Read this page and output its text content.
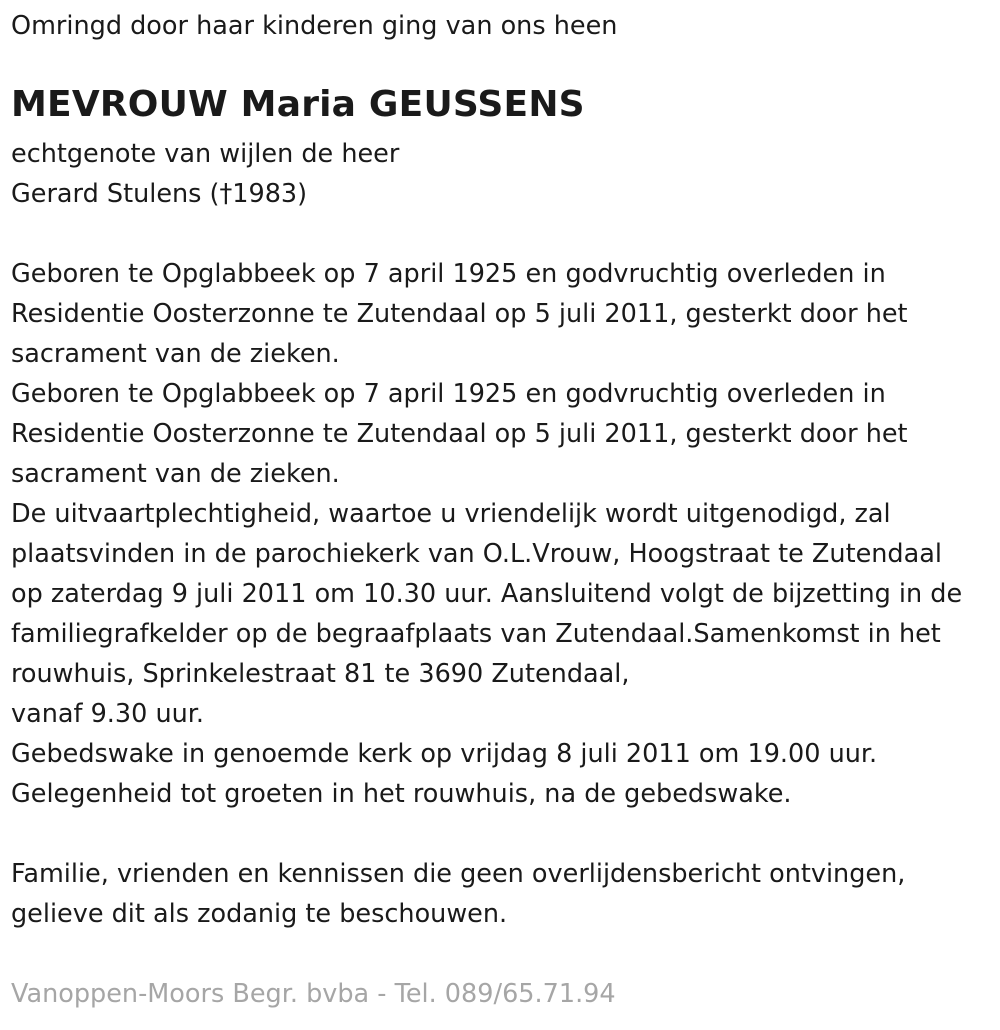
Omringd door haar kinderen ging van ons heen
MEVROUW Maria GEUSSENS
echtgenote van wijlen de heer
Gerard Stulens (†1983)
Geboren te Opglabbeek op 7 april 1925 en godvruchtig overleden in
Residentie Oosterzonne te Zutendaal op 5 juli 2011, gesterkt door het
sacrament van de zieken.
Geboren te Opglabbeek op 7 april 1925 en godvruchtig overleden in
Residentie Oosterzonne te Zutendaal op 5 juli 2011, gesterkt door het
sacrament van de zieken.
De uitvaartplechtigheid, waartoe u vriendelijk wordt uitgenodigd, zal
plaatsvinden in de parochiekerk van O.L.Vrouw, Hoogstraat te Zutendaal
op zaterdag 9 juli 2011 om 10.30 uur. Aansluitend volgt de bijzetting in de
familiegrafkelder op de begraafplaats van Zutendaal.Samenkomst in het
rouwhuis, Sprinkelestraat 81 te 3690 Zutendaal,
vanaf 9.30 uur.
Gebedswake in genoemde kerk op vrijdag 8 juli 2011 om 19.00 uur.
Gelegenheid tot groeten in het rouwhuis, na de gebedswake.
Familie, vrienden en kennissen die geen overlijdensbericht ontvingen,
gelieve dit als zodanig te beschouwen.
Vanoppen-Moors Begr. bvba - Tel. 089/65.71.94
